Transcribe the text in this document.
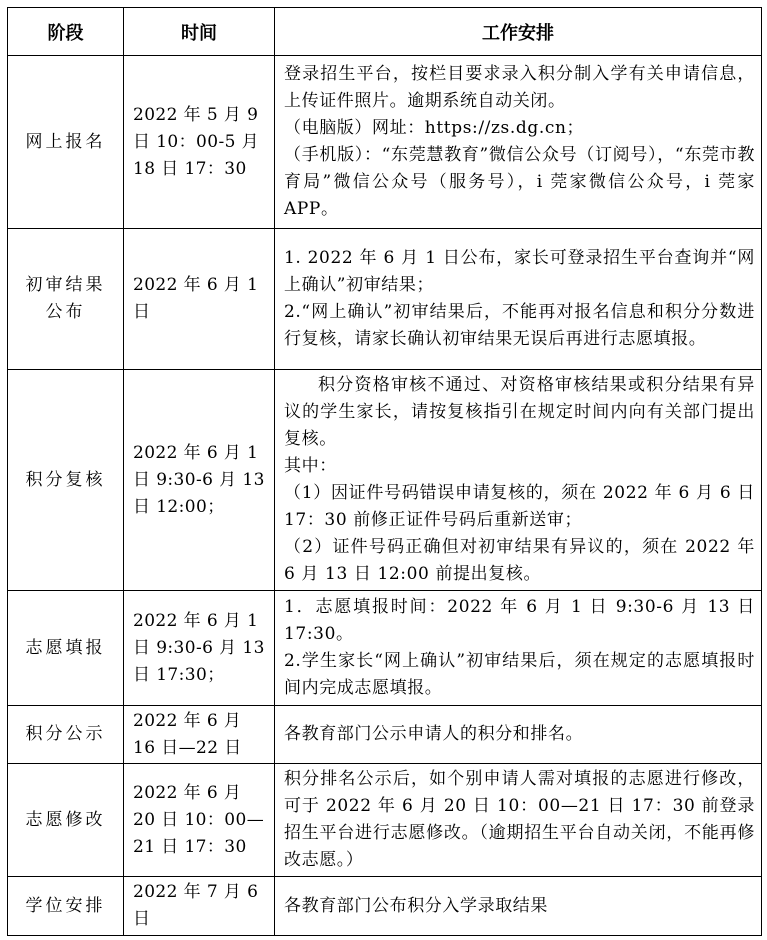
阶段	时间	工作安排
网上报名	2022 年 5 月 9 日 10：00-5 月 18 日 17：30	登录招生平台，按栏目要求录入积分制入学有关申请信息，上传证件照片。逾期系统自动关闭。
（电脑版）网址：https://zs.dg.cn；
（手机版）：“东莞慧教育”微信公众号（订阅号），“东莞市教育局”微信公众号（服务号），i 莞家微信公众号，i 莞家 APP。

初审结果公布	2022 年 6 月 1 日	1. 2022 年 6 月 1 日公布，家长可登录招生平台查询并“网上确认”初审结果；
2.“网上确认”初审结果后，不能再对报名信息和积分分数进行复核，请家长确认初审结果无误后再进行志愿填报。

积分复核	2022 年 6 月 1 日 9:30-6 月 13 日 12:00；	积分资格审核不通过、对资格审核结果或积分结果有异议的学生家长，请按复核指引在规定时间内向有关部门提出复核。
其中：
（1）因证件号码错误申请复核的，须在 2022 年 6 月 6 日 17：30 前修正证件号码后重新送审；
（2）证件号码正确但对初审结果有异议的，须在 2022 年 6 月 13 日 12:00 前提出复核。

志愿填报	2022 年 6 月 1 日 9:30-6 月 13 日 17:30；	1．志愿填报时间：2022 年 6 月 1 日 9:30-6 月 13 日 17:30。
2.学生家长“网上确认”初审结果后，须在规定的志愿填报时间内完成志愿填报。

积分公示	2022 年 6 月 16 日—22 日	各教育部门公示申请人的积分和排名。

志愿修改	2022 年 6 月 20 日 10：00—21 日 17：30	积分排名公示后，如个别申请人需对填报的志愿进行修改，可于 2022 年 6 月 20 日 10：00—21 日 17：30 前登录招生平台进行志愿修改。（逾期招生平台自动关闭，不能再修改志愿。）

学位安排	2022 年 7 月 6 日	各教育部门公布积分入学录取结果
